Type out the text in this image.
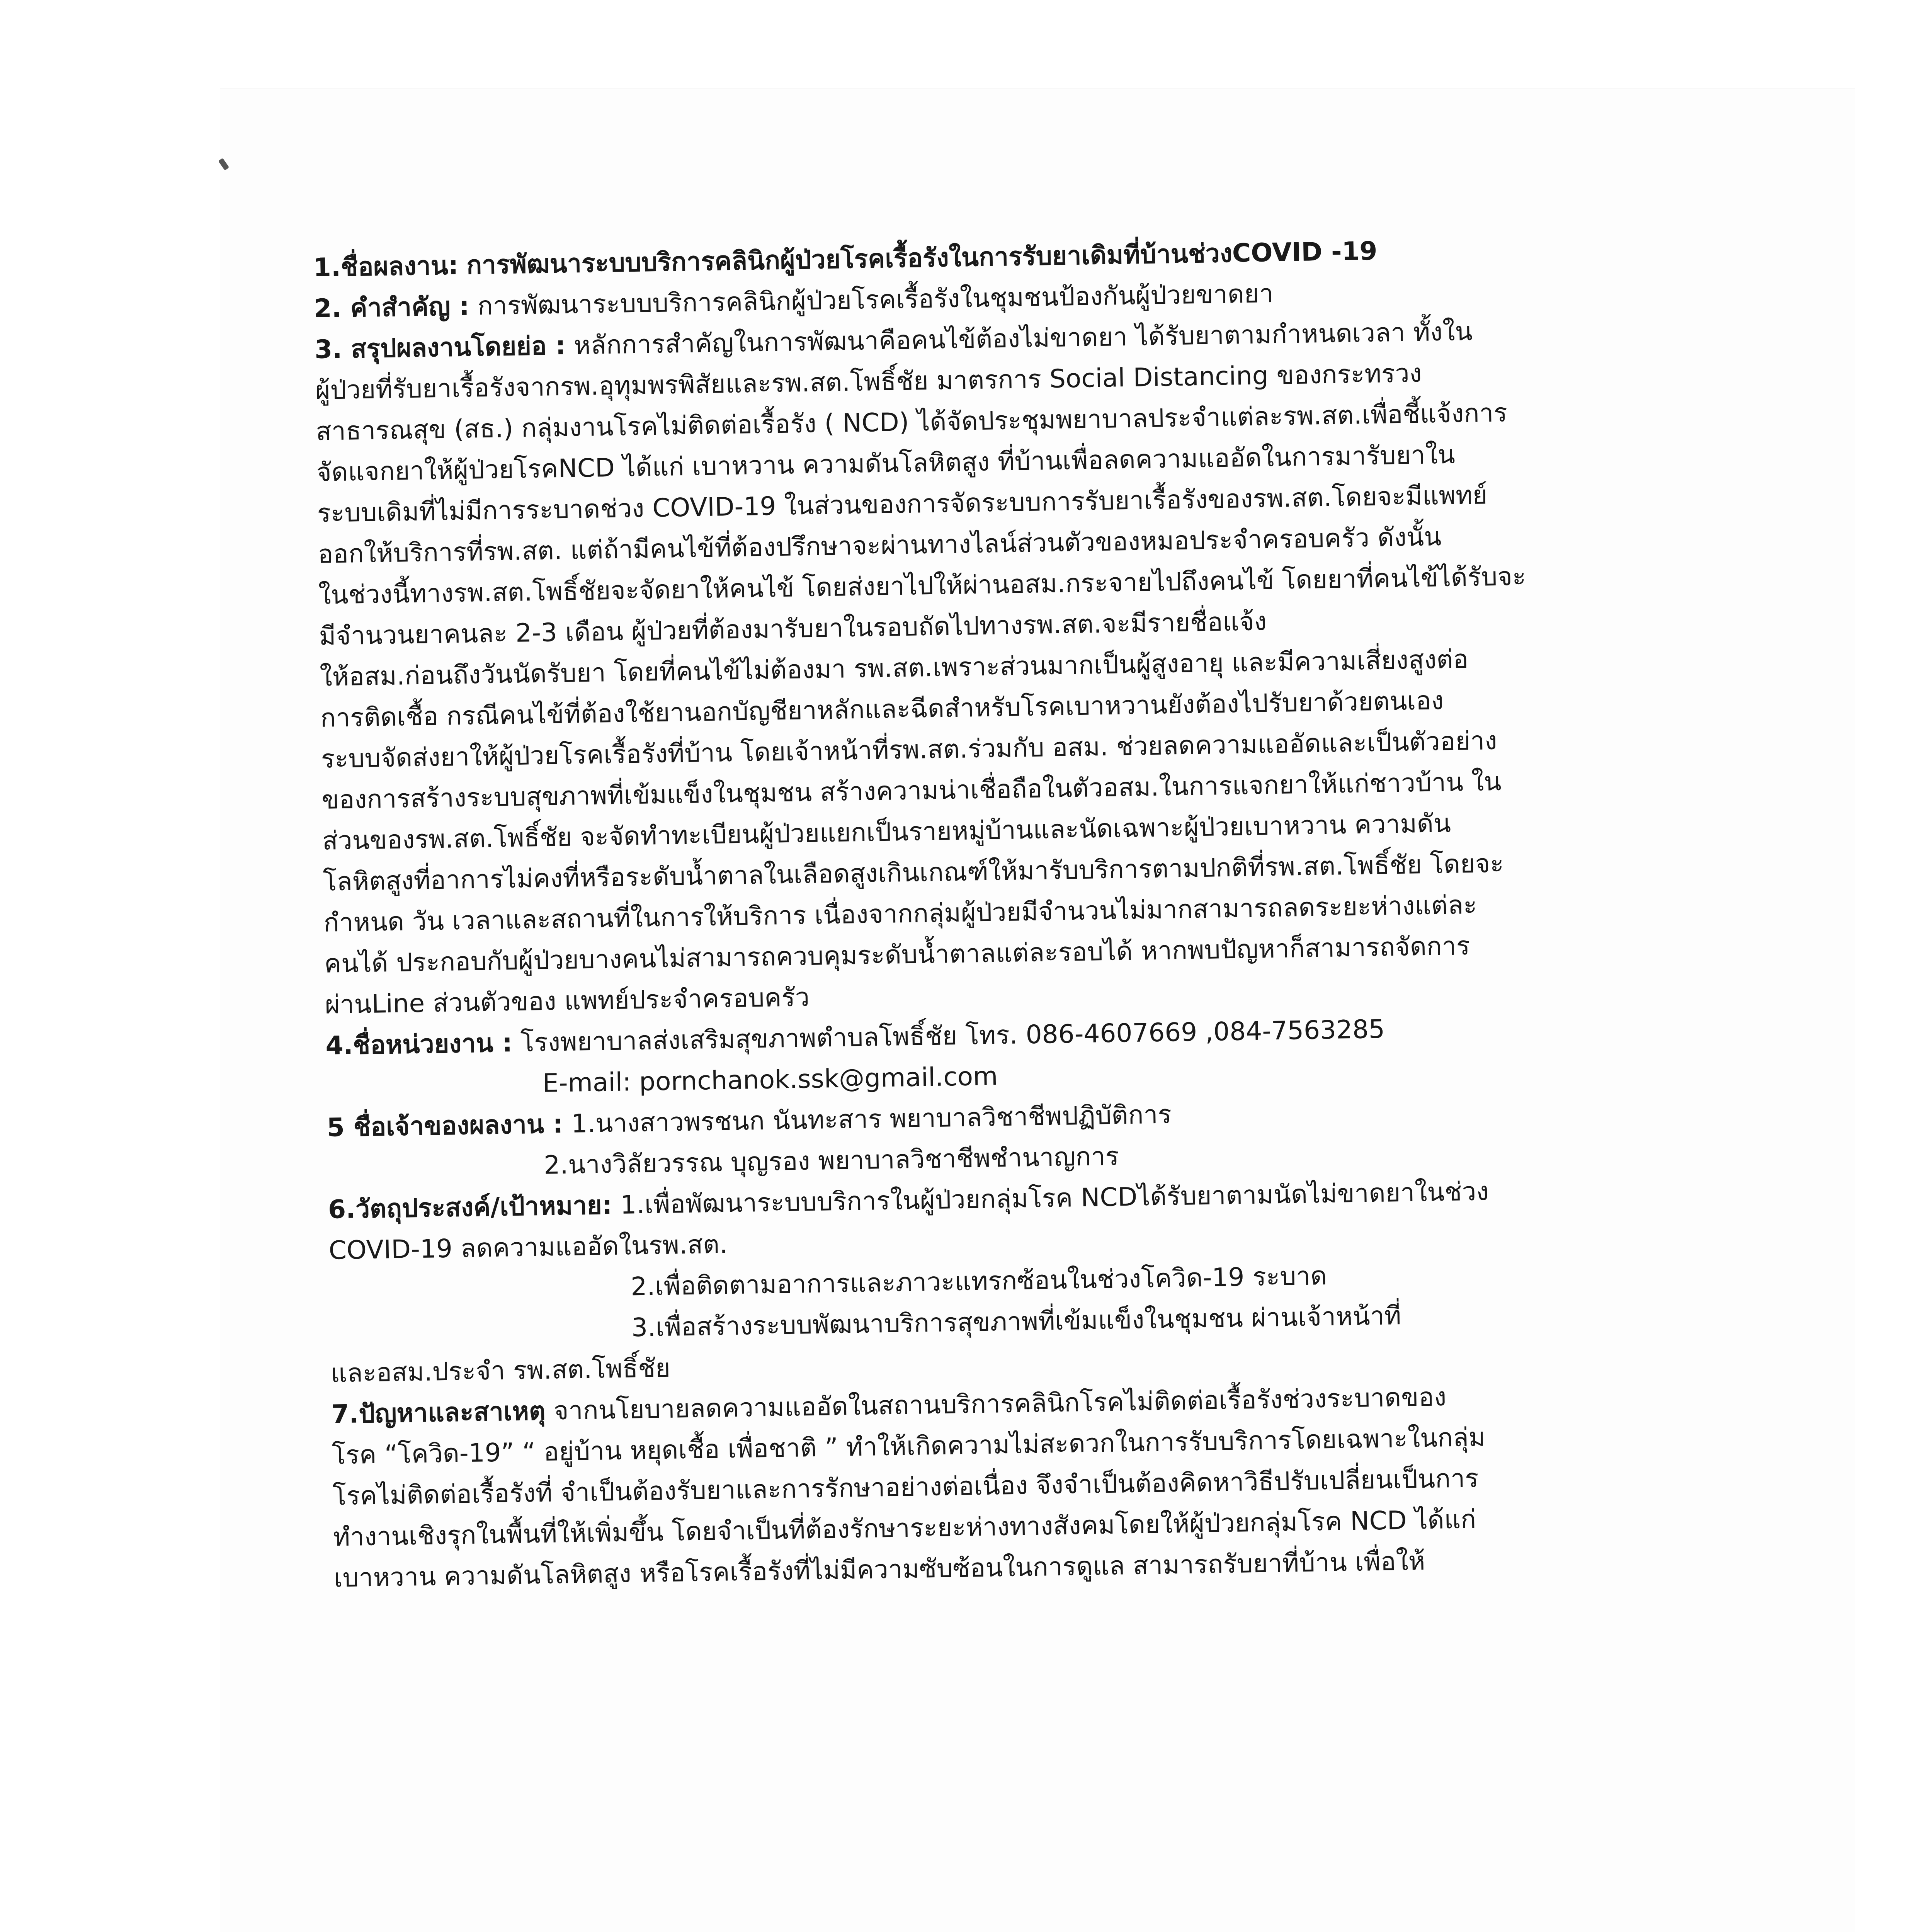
1.ชื่อผลงาน: การพัฒนาระบบบริการคลินิกผู้ป่วยโรคเรื้อรังในการรับยาเดิมที่บ้านช่วงCOVID -19
2. คำสำคัญ : การพัฒนาระบบบริการคลินิกผู้ป่วยโรคเรื้อรังในชุมชนป้องกันผู้ป่วยขาดยา
3. สรุปผลงานโดยย่อ : หลักการสำคัญในการพัฒนาคือคนไข้ต้องไม่ขาดยา ได้รับยาตามกำหนดเวลา ทั้งใน
ผู้ป่วยที่รับยาเรื้อรังจากรพ.อุทุมพรพิสัยและรพ.สต.โพธิ์ชัย มาตรการ Social Distancing ของกระทรวง
สาธารณสุข (สธ.) กลุ่มงานโรคไม่ติดต่อเรื้อรัง ( NCD) ได้จัดประชุมพยาบาลประจำแต่ละรพ.สต.เพื่อชี้แจ้งการ
จัดแจกยาให้ผู้ป่วยโรคNCD ได้แก่ เบาหวาน ความดันโลหิตสูง ที่บ้านเพื่อลดความแออัดในการมารับยาใน
ระบบเดิมที่ไม่มีการระบาดช่วง COVID-19 ในส่วนของการจัดระบบการรับยาเรื้อรังของรพ.สต.โดยจะมีแพทย์
ออกให้บริการที่รพ.สต. แต่ถ้ามีคนไข้ที่ต้องปรึกษาจะผ่านทางไลน์ส่วนตัวของหมอประจำครอบครัว ดังนั้น
ในช่วงนี้ทางรพ.สต.โพธิ์ชัยจะจัดยาให้คนไข้ โดยส่งยาไปให้ผ่านอสม.กระจายไปถึงคนไข้ โดยยาที่คนไข้ได้รับจะ
มีจำนวนยาคนละ 2-3 เดือน ผู้ป่วยที่ต้องมารับยาในรอบถัดไปทางรพ.สต.จะมีรายชื่อแจ้ง
ให้อสม.ก่อนถึงวันนัดรับยา โดยที่คนไข้ไม่ต้องมา รพ.สต.เพราะส่วนมากเป็นผู้สูงอายุ และมีความเสี่ยงสูงต่อ
การติดเชื้อ กรณีคนไข้ที่ต้องใช้ยานอกบัญชียาหลักและฉีดสำหรับโรคเบาหวานยังต้องไปรับยาด้วยตนเอง
ระบบจัดส่งยาให้ผู้ป่วยโรคเรื้อรังที่บ้าน โดยเจ้าหน้าที่รพ.สต.ร่วมกับ อสม. ช่วยลดความแออัดและเป็นตัวอย่าง
ของการสร้างระบบสุขภาพที่เข้มแข็งในชุมชน สร้างความน่าเชื่อถือในตัวอสม.ในการแจกยาให้แก่ชาวบ้าน ใน
ส่วนของรพ.สต.โพธิ์ชัย จะจัดทำทะเบียนผู้ป่วยแยกเป็นรายหมู่บ้านและนัดเฉพาะผู้ป่วยเบาหวาน ความดัน
โลหิตสูงที่อาการไม่คงที่หรือระดับน้ำตาลในเลือดสูงเกินเกณฑ์ให้มารับบริการตามปกติที่รพ.สต.โพธิ์ชัย โดยจะ
กำหนด วัน เวลาและสถานที่ในการให้บริการ เนื่องจากกลุ่มผู้ป่วยมีจำนวนไม่มากสามารถลดระยะห่างแต่ละ
คนได้ ประกอบกับผู้ป่วยบางคนไม่สามารถควบคุมระดับน้ำตาลแต่ละรอบได้ หากพบปัญหาก็สามารถจัดการ
ผ่านLine ส่วนตัวของ แพทย์ประจำครอบครัว
4.ชื่อหน่วยงาน : โรงพยาบาลส่งเสริมสุขภาพตำบลโพธิ์ชัย โทร. 086-4607669 ,084-7563285
E-mail: pornchanok.ssk@gmail.com
5 ชื่อเจ้าของผลงาน : 1.นางสาวพรชนก นันทะสาร พยาบาลวิชาชีพปฏิบัติการ
2.นางวิลัยวรรณ บุญรอง พยาบาลวิชาชีพชำนาญการ
6.วัตถุประสงค์/เป้าหมาย: 1.เพื่อพัฒนาระบบบริการในผู้ป่วยกลุ่มโรค NCDได้รับยาตามนัดไม่ขาดยาในช่วง
COVID-19 ลดความแออัดในรพ.สต.
2.เพื่อติดตามอาการและภาวะแทรกซ้อนในช่วงโควิด-19 ระบาด
3.เพื่อสร้างระบบพัฒนาบริการสุขภาพที่เข้มแข็งในชุมชน ผ่านเจ้าหน้าที่
และอสม.ประจำ รพ.สต.โพธิ์ชัย
7.ปัญหาและสาเหตุ จากนโยบายลดความแออัดในสถานบริการคลินิกโรคไม่ติดต่อเรื้อรังช่วงระบาดของ
โรค “โควิด-19” “ อยู่บ้าน หยุดเชื้อ เพื่อชาติ ” ทำให้เกิดความไม่สะดวกในการรับบริการโดยเฉพาะในกลุ่ม
โรคไม่ติดต่อเรื้อรังที่ จำเป็นต้องรับยาและการรักษาอย่างต่อเนื่อง จึงจำเป็นต้องคิดหาวิธีปรับเปลี่ยนเป็นการ
ทำงานเชิงรุกในพื้นที่ให้เพิ่มขึ้น โดยจำเป็นที่ต้องรักษาระยะห่างทางสังคมโดยให้ผู้ป่วยกลุ่มโรค NCD ได้แก่
เบาหวาน ความดันโลหิตสูง หรือโรคเรื้อรังที่ไม่มีความซับซ้อนในการดูแล สามารถรับยาที่บ้าน เพื่อให้
